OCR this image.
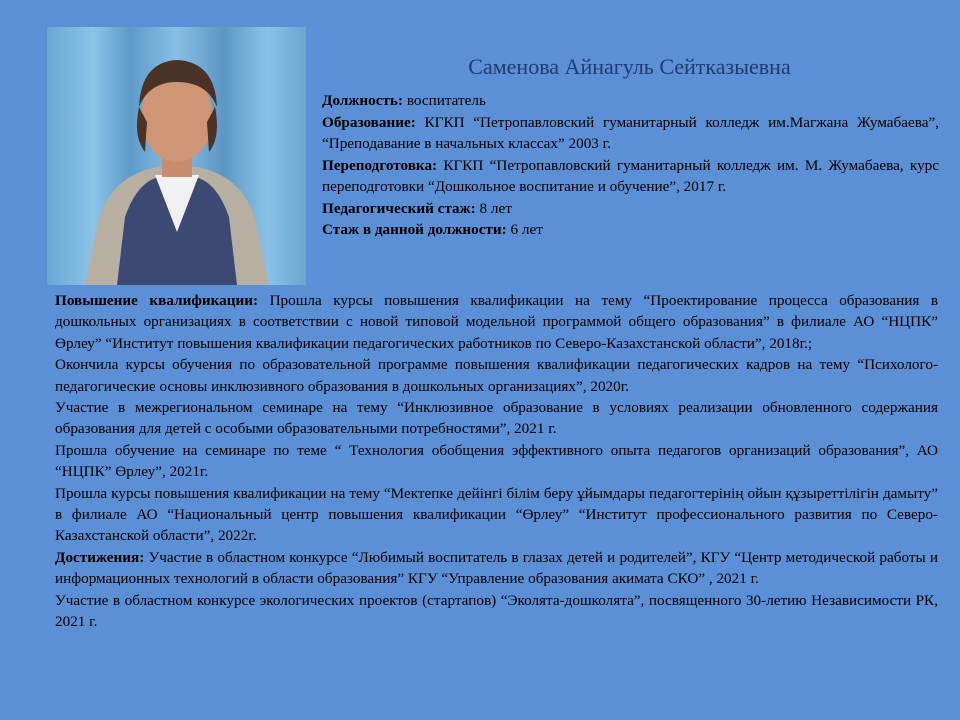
Саменова Айнагуль Сейтказыевна

Должность: воспитатель

Образование: КГКП “Петропавловский гуманитарный колледж им.Магжана Жумабаева”, “Преподавание в начальных классах” 2003 г.

Переподготовка: КГКП “Петропавловский гуманитарный колледж им. М. Жумабаева, курс переподготовки “Дошкольное воспитание и обучение”, 2017 г.

Педагогический стаж: 8 лет

Стаж в данной должности: 6 лет

Повышение квалификации: Прошла курсы повышения квалификации на тему “Проектирование процесса образования в дошкольных организациях в соответствии с новой типовой модельной программой общего образования” в филиале АО “НЦПК” Өрлеу” “Институт повышения квалификации педагогических работников по Северо-Казахстанской области”, 2018г.;

Окончила курсы обучения по образовательной программе повышения квалификации педагогических кадров на тему “Психолого- педагогические основы инклюзивного образования в дошкольных организациях”, 2020г.

Участие в межрегиональном семинаре на тему “Инклюзивное образование в условиях реализации обновленного содержания образования для детей с особыми образовательными потребностями”, 2021 г.

Прошла обучение на семинаре по теме “ Технология обобщения эффективного опыта педагогов организаций образования”, АО “НЦПК” Өрлеу”, 2021г.

Прошла курсы повышения квалификации на тему “Мектепке дейінгі білім беру ұйымдары педагогтерінің ойын құзыреттілігін дамыту” в филиале АО “Национальный центр повышения квалификации “Өрлеу” “Институт профессионального развития по Северо-Казахстанской области”, 2022г.

Достижения: Участие в областном конкурсе “Любимый воспитатель в глазах детей и родителей”, КГУ “Центр методической работы и информационных технологий в области образования” КГУ “Управление образования акимата СКО” , 2021 г.

Участие в областном конкурсе экологических проектов (стартапов) “Эколята-дошколята”, посвященного 30-летию Независимости РК, 2021 г.
